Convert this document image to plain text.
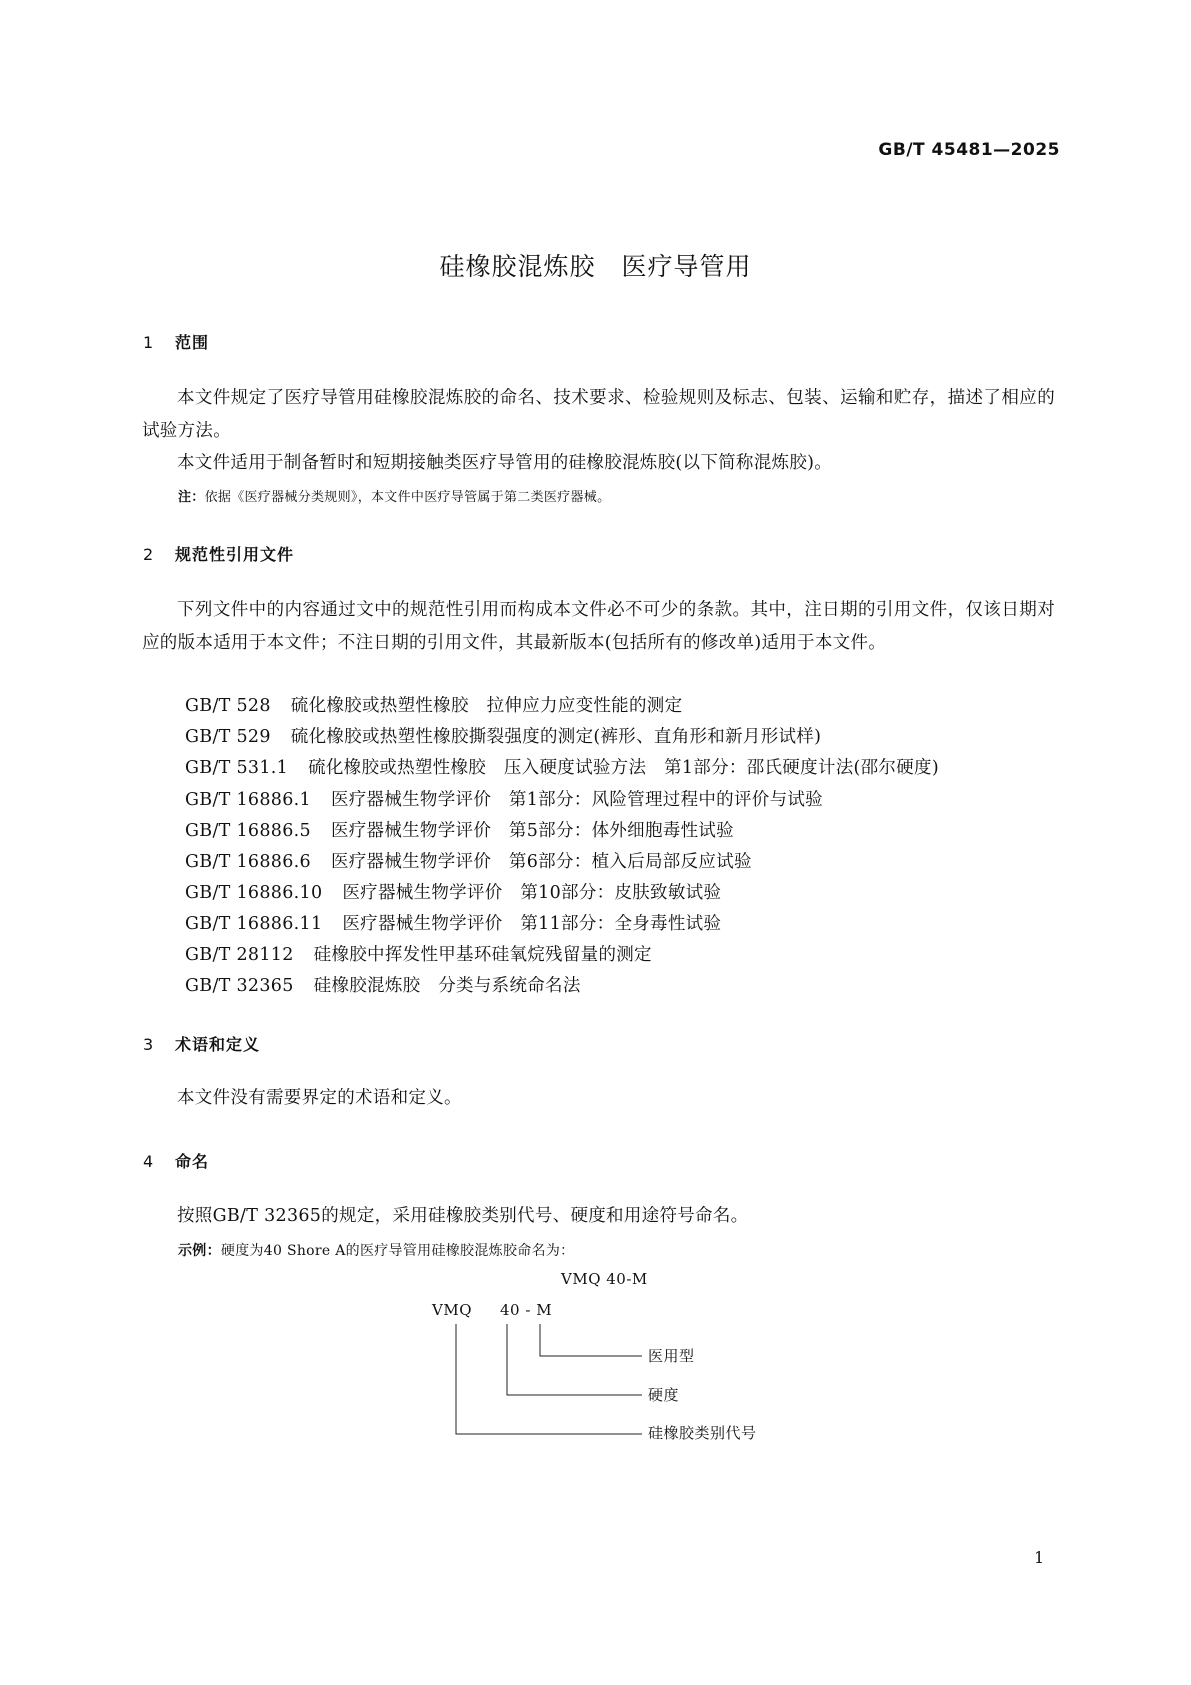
GB/T 45481—2025
硅橡胶混炼胶　医疗导管用
1 范围
本文件规定了医疗导管用硅橡胶混炼胶的命名、技术要求、检验规则及标志、包装、运输和贮存，描述了相应的试验方法。
本文件适用于制备暂时和短期接触类医疗导管用的硅橡胶混炼胶(以下简称混炼胶)。
注：依据《医疗器械分类规则》，本文件中医疗导管属于第二类医疗器械。
2 规范性引用文件
下列文件中的内容通过文中的规范性引用而构成本文件必不可少的条款。其中，注日期的引用文件，仅该日期对应的版本适用于本文件；不注日期的引用文件，其最新版本(包括所有的修改单)适用于本文件。
GB/T 528 硫化橡胶或热塑性橡胶　拉伸应力应变性能的测定
GB/T 529 硫化橡胶或热塑性橡胶撕裂强度的测定(裤形、直角形和新月形试样)
GB/T 531.1 硫化橡胶或热塑性橡胶　压入硬度试验方法　第1部分：邵氏硬度计法(邵尔硬度)
GB/T 16886.1 医疗器械生物学评价　第1部分：风险管理过程中的评价与试验
GB/T 16886.5 医疗器械生物学评价　第5部分：体外细胞毒性试验
GB/T 16886.6 医疗器械生物学评价　第6部分：植入后局部反应试验
GB/T 16886.10 医疗器械生物学评价　第10部分：皮肤致敏试验
GB/T 16886.11 医疗器械生物学评价　第11部分：全身毒性试验
GB/T 28112 硅橡胶中挥发性甲基环硅氧烷残留量的测定
GB/T 32365 硅橡胶混炼胶　分类与系统命名法
3 术语和定义
本文件没有需要界定的术语和定义。
4 命名
按照GB/T 32365的规定，采用硅橡胶类别代号、硬度和用途符号命名。
示例：硬度为40 Shore A的医疗导管用硅橡胶混炼胶命名为：
VMQ 40-M
VMQ 40 - M
医用型
硬度
硅橡胶类别代号
1
